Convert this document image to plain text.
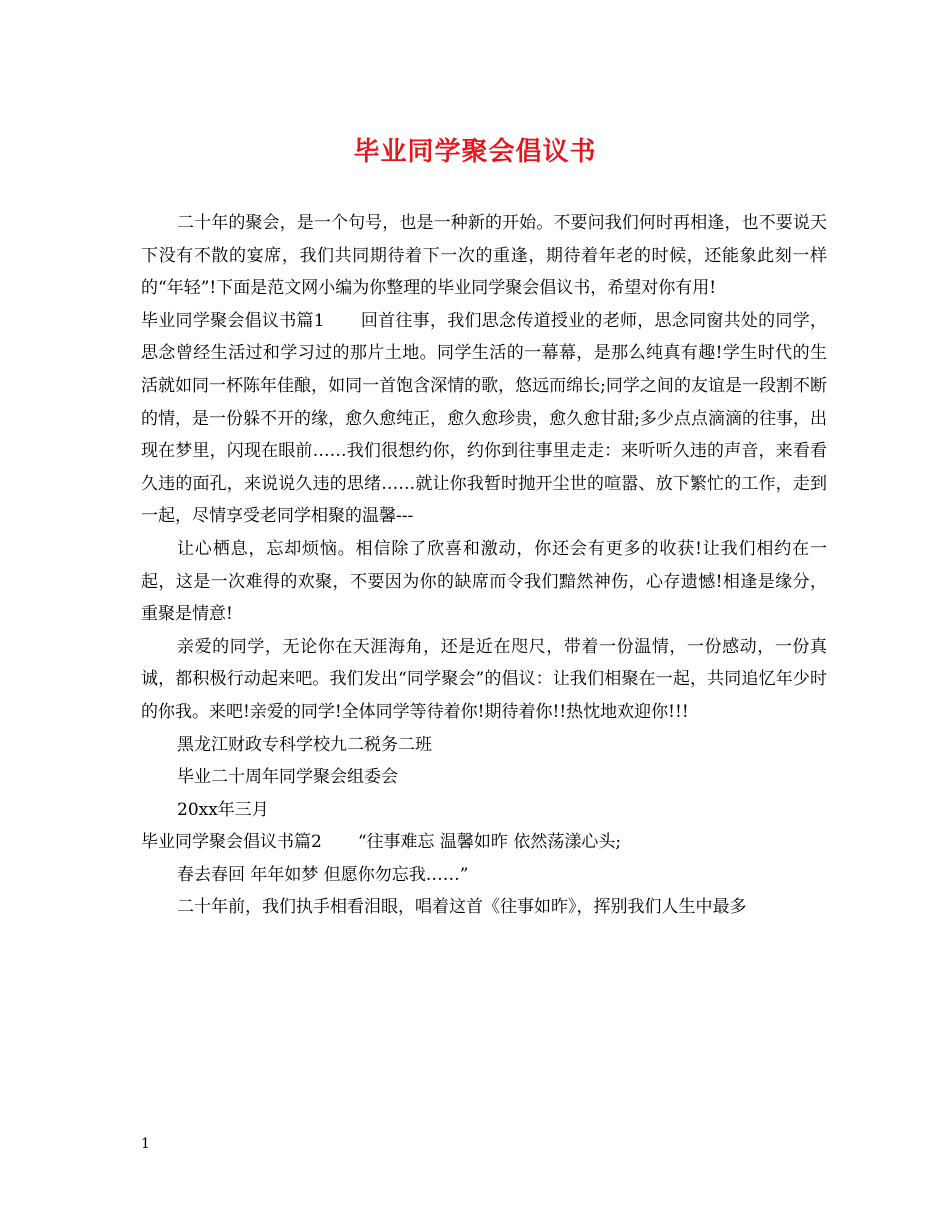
毕业同学聚会倡议书

二十年的聚会，是一个句号，也是一种新的开始。不要问我们何时再相逢，也不要说天下没有不散的宴席，我们共同期待着下一次的重逢，期待着年老的时候，还能象此刻一样的“年轻”!下面是范文网小编为你整理的毕业同学聚会倡议书，希望对你有用!

毕业同学聚会倡议书篇1 回首往事，我们思念传道授业的老师，思念同窗共处的同学，思念曾经生活过和学习过的那片土地。同学生活的一幕幕，是那么纯真有趣!学生时代的生活就如同一杯陈年佳酿，如同一首饱含深情的歌，悠远而绵长;同学之间的友谊是一段割不断的情，是一份躲不开的缘，愈久愈纯正，愈久愈珍贵，愈久愈甘甜;多少点点滴滴的往事，出现在梦里，闪现在眼前……我们很想约你，约你到往事里走走：来听听久违的声音，来看看久违的面孔，来说说久违的思绪……就让你我暂时抛开尘世的喧嚣、放下繁忙的工作，走到一起，尽情享受老同学相聚的温馨---

让心栖息，忘却烦恼。相信除了欣喜和激动，你还会有更多的收获!让我们相约在一起，这是一次难得的欢聚，不要因为你的缺席而令我们黯然神伤，心存遗憾!相逢是缘分，重聚是情意!

亲爱的同学，无论你在天涯海角，还是近在咫尺，带着一份温情，一份感动，一份真诚，都积极行动起来吧。我们发出“同学聚会”的倡议：让我们相聚在一起，共同追忆年少时的你我。来吧!亲爱的同学!全体同学等待着你!期待着你!!热忱地欢迎你!!!

黑龙江财政专科学校九二税务二班

毕业二十周年同学聚会组委会

20xx年三月

毕业同学聚会倡议书篇2 “往事难忘 温馨如昨 依然荡漾心头;

春去春回 年年如梦 但愿你勿忘我……”

二十年前，我们执手相看泪眼，唱着这首《往事如昨》，挥别我们人生中最多

1
